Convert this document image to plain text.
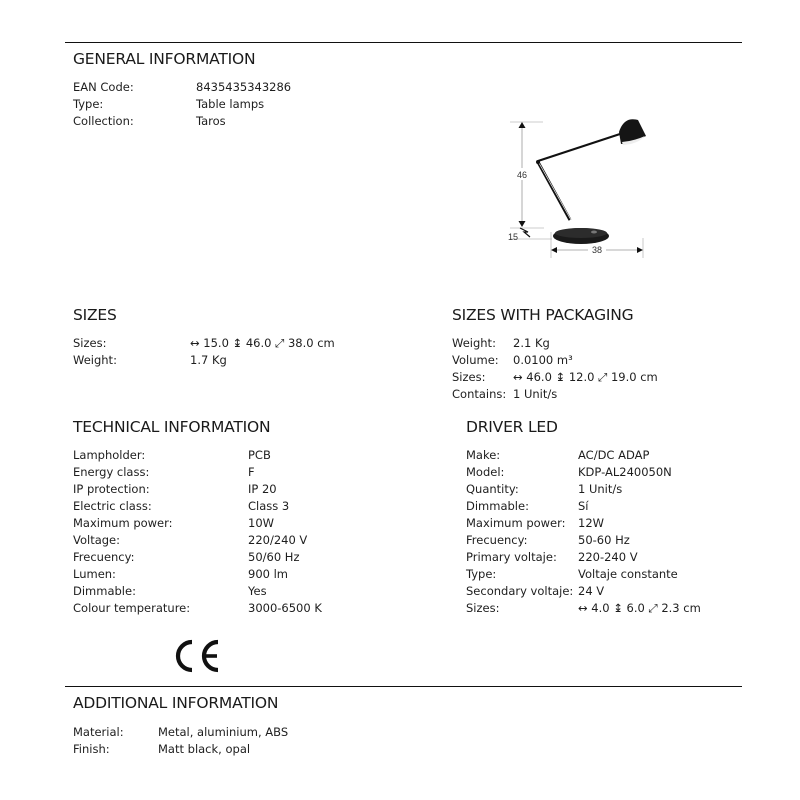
GENERAL INFORMATION
EAN Code:	8435435343286
Type:	Table lamps
Collection:	Taros
46
15
38
SIZES
Sizes:	↔ 15.0 ↨ 46.0 ⤢ 38.0 cm
Weight:	1.7 Kg
SIZES WITH PACKAGING
Weight: 2.1 Kg
Volume: 0.0100 m³
Sizes: ↔ 46.0 ↨ 12.0 ⤢ 19.0 cm
Contains: 1 Unit/s
TECHNICAL INFORMATION
Lampholder:	PCB
Energy class:	F
IP protection:	IP 20
Electric class:	Class 3
Maximum power:	10W
Voltage:	220/240 V
Frecuency:	50/60 Hz
Lumen:	900 lm
Dimmable:	Yes
Colour temperature:	3000-6500 K
DRIVER LED
Make:	AC/DC ADAP
Model:	KDP-AL240050N
Quantity:	1 Unit/s
Dimmable:	Sí
Maximum power: 12W
Frecuency:	50-60 Hz
Primary voltaje: 220-240 V
Type:	Voltaje constante
Secondary voltaje: 24 V
Sizes:	↔ 4.0 ↨ 6.0 ⤢ 2.3 cm
ADDITIONAL INFORMATION
Material:	Metal, aluminium, ABS
Finish:	Matt black, opal
